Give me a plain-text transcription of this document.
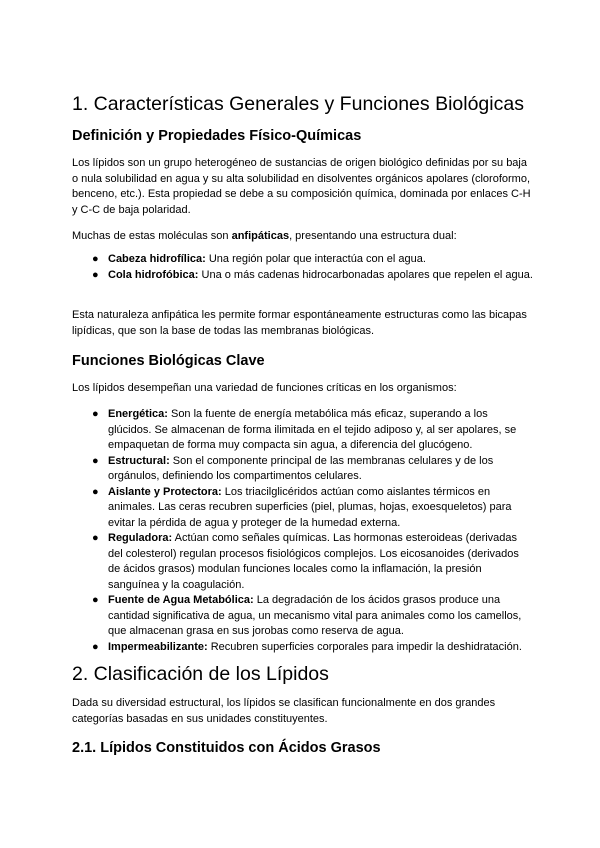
1. Características Generales y Funciones Biológicas
Definición y Propiedades Físico-Químicas

Los lípidos son un grupo heterogéneo de sustancias de origen biológico definidas por su baja o nula solubilidad en agua y su alta solubilidad en disolventes orgánicos apolares (cloroformo, benceno, etc.). Esta propiedad se debe a su composición química, dominada por enlaces C-H y C-C de baja polaridad.

Muchas de estas moléculas son anfipáticas, presentando una estructura dual:

● Cabeza hidrofílica: Una región polar que interactúa con el agua.
● Cola hidrofóbica: Una o más cadenas hidrocarbonadas apolares que repelen el agua.

Esta naturaleza anfipática les permite formar espontáneamente estructuras como las bicapas lipídicas, que son la base de todas las membranas biológicas.

Funciones Biológicas Clave

Los lípidos desempeñan una variedad de funciones críticas en los organismos:

● Energética: Son la fuente de energía metabólica más eficaz, superando a los glúcidos. Se almacenan de forma ilimitada en el tejido adiposo y, al ser apolares, se empaquetan de forma muy compacta sin agua, a diferencia del glucógeno.
● Estructural: Son el componente principal de las membranas celulares y de los orgánulos, definiendo los compartimentos celulares.
● Aislante y Protectora: Los triacilglicéridos actúan como aislantes térmicos en animales. Las ceras recubren superficies (piel, plumas, hojas, exoesqueletos) para evitar la pérdida de agua y proteger de la humedad externa.
● Reguladora: Actúan como señales químicas. Las hormonas esteroideas (derivadas del colesterol) regulan procesos fisiológicos complejos. Los eicosanoides (derivados de ácidos grasos) modulan funciones locales como la inflamación, la presión sanguínea y la coagulación.
● Fuente de Agua Metabólica: La degradación de los ácidos grasos produce una cantidad significativa de agua, un mecanismo vital para animales como los camellos, que almacenan grasa en sus jorobas como reserva de agua.
● Impermeabilizante: Recubren superficies corporales para impedir la deshidratación.
2. Clasificación de los Lípidos

Dada su diversidad estructural, los lípidos se clasifican funcionalmente en dos grandes categorías basadas en sus unidades constituyentes.

2.1. Lípidos Constituidos con Ácidos Grasos
